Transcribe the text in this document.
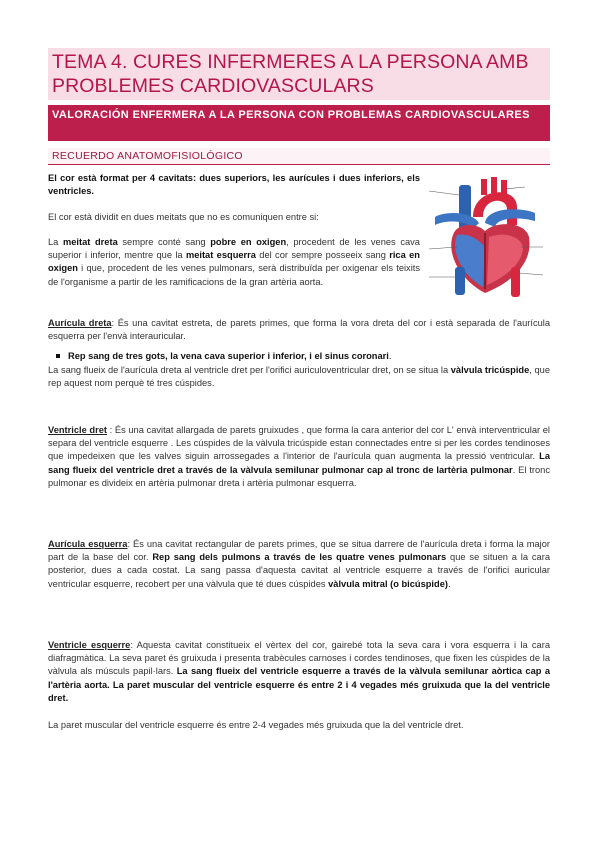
TEMA 4. CURES INFERMERES A LA PERSONA AMB PROBLEMES CARDIOVASCULARS
VALORACIÓN ENFERMERA A LA PERSONA CON PROBLEMAS CARDIOVASCULARES
RECUERDO ANATOMOFISIOLÓGICO

El cor està format per 4 cavitats: dues superiors, les aurícules i dues inferiors, els ventricles.

El cor està dividit en dues meitats que no es comuniquen entre si:

La meitat dreta sempre conté sang pobre en oxigen, procedent de les venes cava superior i inferior, mentre que la meitat esquerra del cor sempre posseeix sang rica en oxigen i que, procedent de les venes pulmonars, serà distribuïda per oxigenar els teixits de l'organisme a partir de les ramificacions de la gran artèria aorta.

Aurícula dreta: És una cavitat estreta, de parets primes, que forma la vora dreta del cor i està separada de l'aurícula esquerra per l'envà interauricular.

Rep sang de tres gots, la vena cava superior i inferior, i el sinus coronari.

La sang flueix de l'aurícula dreta al ventricle dret per l'orifici auriculoventricular dret, on se situa la vàlvula tricúspide, que rep aquest nom perquè té tres cúspides.

Ventricle dret : És una cavitat allargada de parets gruixudes , que forma la cara anterior del cor L' envà interventricular el separa del ventricle esquerre . Les cúspides de la vàlvula tricúspide estan connectades entre si per les cordes tendinoses que impedeixen que les valves siguin arrossegades a l'interior de l'aurícula quan augmenta la pressió ventricular. La sang flueix del ventricle dret a través de la vàlvula semilunar pulmonar cap al tronc de lartèria pulmonar. El tronc pulmonar es divideix en artèria pulmonar dreta i artèria pulmonar esquerra.

Aurícula esquerra: És una cavitat rectangular de parets primes, que se situa darrere de l'aurícula dreta i forma la major part de la base del cor. Rep sang dels pulmons a través de les quatre venes pulmonars que se situen a la cara posterior, dues a cada costat. La sang passa d'aquesta cavitat al ventricle esquerre a través de l'orifici auricular ventricular esquerre, recobert per una vàlvula que té dues cúspides vàlvula mitral (o bicúspide).

Ventricle esquerre: Aquesta cavitat constitueix el vèrtex del cor, gairebé tota la seva cara i vora esquerra i la cara diafragmàtica. La seva paret és gruixuda i presenta trabècules carnoses i cordes tendinoses, que fixen les cúspides de la vàlvula als músculs papil·lars. La sang flueix del ventricle esquerre a través de la vàlvula semilunar aòrtica cap a l'artèria aorta. La paret muscular del ventricle esquerre és entre 2 i 4 vegades més gruixuda que la del ventricle dret.

La paret muscular del ventricle esquerre és entre 2-4 vegades més gruixuda que la del ventricle dret.
